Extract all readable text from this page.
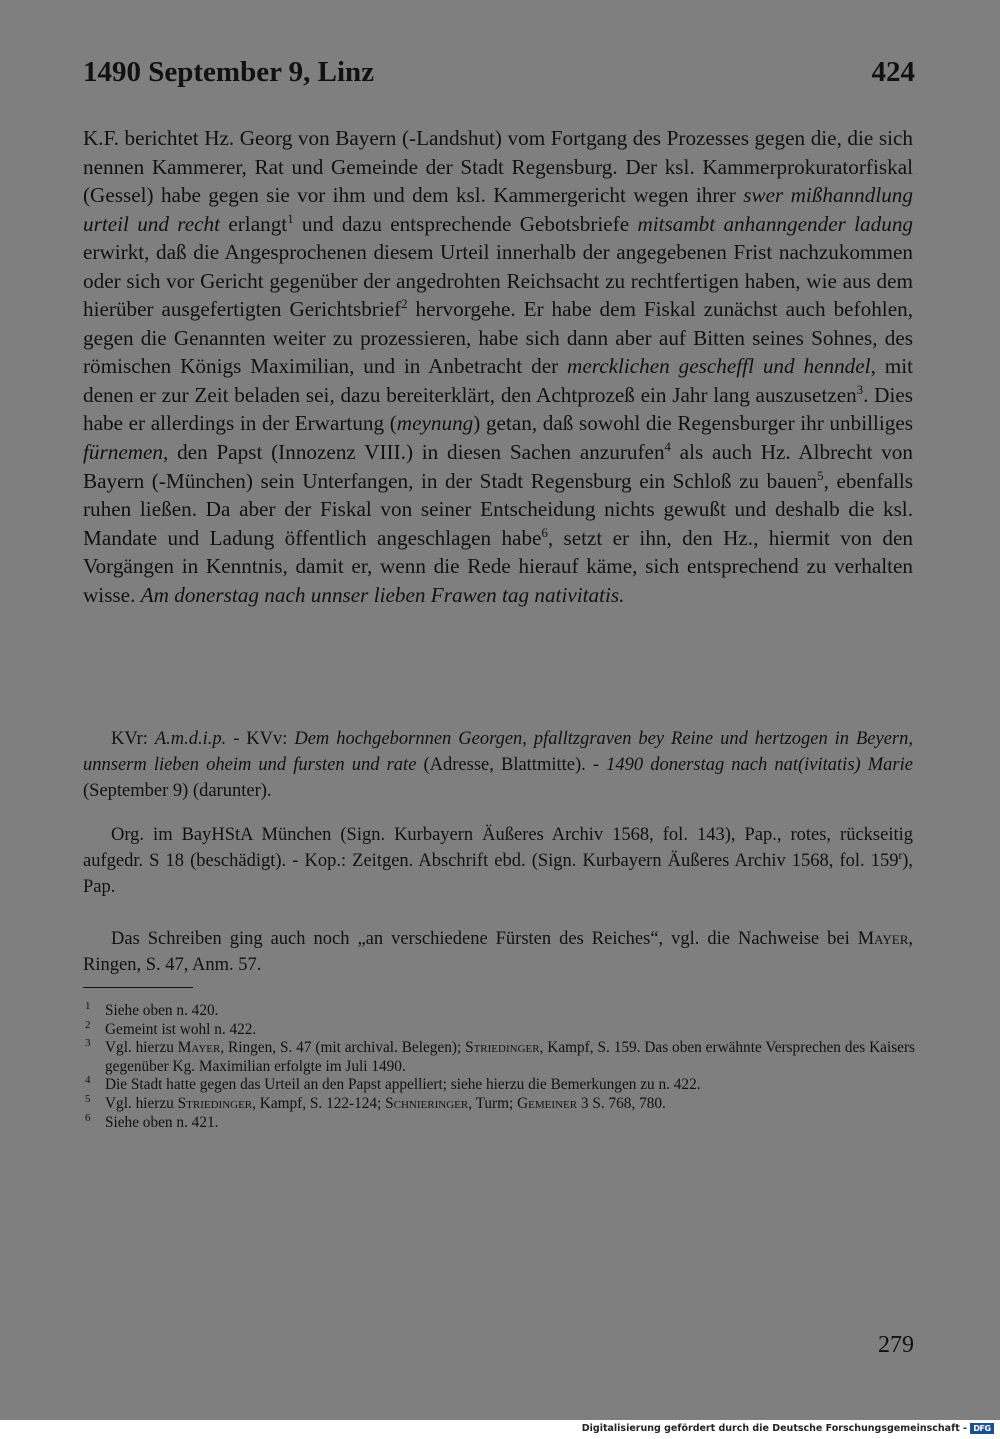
1490 September 9, Linz	424

K.F. berichtet Hz. Georg von Bayern (-Landshut) vom Fortgang des Prozesses gegen die, die sich nennen Kammerer, Rat und Gemeinde der Stadt Regensburg. Der ksl. Kammerprokuratorfiskal (Gessel) habe gegen sie vor ihm und dem ksl. Kammergericht wegen ihrer swer mißhanndlung urteil und recht erlangt$^1$ und dazu entsprechende Gebotsbriefe mitsambt anhanngender ladung erwirkt, daß die Angesprochenen diesem Urteil innerhalb der angegebenen Frist nachzukommen oder sich vor Gericht gegenüber der angedrohten Reichsacht zu rechtfertigen haben, wie aus dem hierüber ausgefertigten Gerichtsbrief$^2$ hervorgehe. Er habe dem Fiskal zunächst auch befohlen, gegen die Genannten weiter zu prozessieren, habe sich dann aber auf Bitten seines Sohnes, des römischen Königs Maximilian, und in Anbetracht der mercklichen gescheffl und henndel, mit denen er zur Zeit beladen sei, dazu bereiterklärt, den Achtprozeß ein Jahr lang auszusetzen$^3$. Dies habe er allerdings in der Erwartung (meynung) getan, daß sowohl die Regensburger ihr unbilliges fürnemen, den Papst (Innozenz VIII.) in diesen Sachen anzurufen$^4$ als auch Hz. Albrecht von Bayern (-München) sein Unterfangen, in der Stadt Regensburg ein Schloß zu bauen$^5$, ebenfalls ruhen ließen. Da aber der Fiskal von seiner Entscheidung nichts gewußt und deshalb die ksl. Mandate und Ladung öffentlich angeschlagen habe$^6$, setzt er ihn, den Hz., hiermit von den Vorgängen in Kenntnis, damit er, wenn die Rede hierauf käme, sich entsprechend zu verhalten wisse. Am donerstag nach unnser lieben Frawen tag nativitatis.

KVr: A.m.d.i.p. - KVv: Dem hochgebornnen Georgen, pfalltzgraven bey Reine und hertzogen in Beyern, unnserm lieben oheim und fursten und rate (Adresse, Blattmitte). - 1490 donerstag nach nat(ivitatis) Marie (September 9) (darunter).

Org. im BayHStA München (Sign. Kurbayern Äußeres Archiv 1568, fol. 143), Pap., rotes, rückseitig aufgedr. S 18 (beschädigt). - Kop.: Zeitgen. Abschrift ebd. (Sign. Kurbayern Äußeres Archiv 1568, fol. 159$^r$), Pap.

Das Schreiben ging auch noch „an verschiedene Fürsten des Reiches“, vgl. die Nachweise bei Mayer, Ringen, S. 47, Anm. 57.

1 Siehe oben n. 420.
2 Gemeint ist wohl n. 422.
3 Vgl. hierzu Mayer, Ringen, S. 47 (mit archival. Belegen); Striedinger, Kampf, S. 159. Das oben erwähnte Versprechen des Kaisers gegenüber Kg. Maximilian erfolgte im Juli 1490.
4 Die Stadt hatte gegen das Urteil an den Papst appelliert; siehe hierzu die Bemerkungen zu n. 422.
5 Vgl. hierzu Striedinger, Kampf, S. 122-124; Schnieringer, Turm; Gemeiner 3 S. 768, 780.
6 Siehe oben n. 421.
279
Digitalisierung gefördert durch die Deutsche Forschungsgemeinschaft - DFG
